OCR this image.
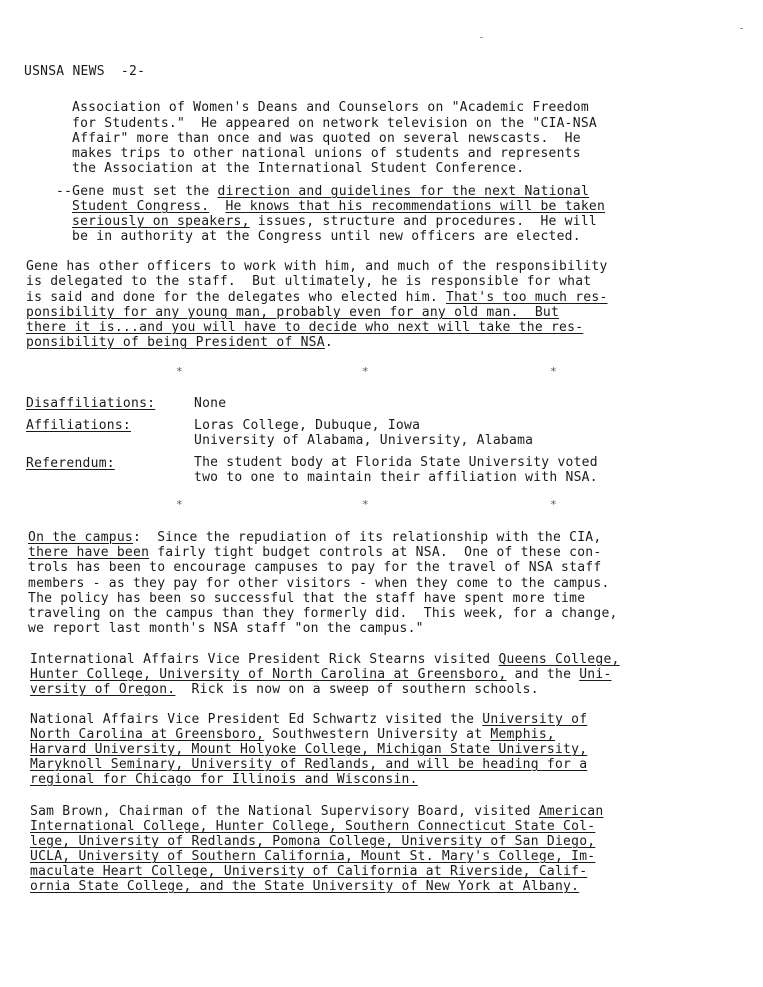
USNSA NEWS  -2-
Association of Women's Deans and Counselors on "Academic Freedom
for Students."  He appeared on network television on the "CIA-NSA
Affair" more than once and was quoted on several newscasts.  He
makes trips to other national unions of students and represents
the Association at the International Student Conference.
--Gene must set the direction and guidelines for the next National
Student Congress. He knows that his recommendations will be taken
seriously on speakers, issues, structure and procedures.  He will
be in authority at the Congress until new officers are elected.
Gene has other officers to work with him, and much of the responsibility
is delegated to the staff.  But ultimately, he is responsible for what
is said and done for the delegates who elected him. That's too much res-
ponsibility for any young man, probably even for any old man.  But
there it is...and you will have to decide who next will take the res-
ponsibility of being President of NSA.
*	*	*
Disaffiliations:	None
Affiliations:	Loras College, Dubuque, Iowa
University of Alabama, University, Alabama
Referendum:	The student body at Florida State University voted
two to one to maintain their affiliation with NSA.
*	*	*
On the campus:  Since the repudiation of its relationship with the CIA,
there have been fairly tight budget controls at NSA.  One of these con-
trols has been to encourage campuses to pay for the travel of NSA staff
members - as they pay for other visitors - when they come to the campus.
The policy has been so successful that the staff have spent more time
traveling on the campus than they formerly did.  This week, for a change,
we report last month's NSA staff "on the campus."
International Affairs Vice President Rick Stearns visited Queens College,
Hunter College, University of North Carolina at Greensboro, and the Uni-
versity of Oregon.  Rick is now on a sweep of southern schools.
National Affairs Vice President Ed Schwartz visited the University of
North Carolina at Greensboro, Southwestern University at Memphis,
Harvard University, Mount Holyoke College, Michigan State University,
Maryknoll Seminary, University of Redlands, and will be heading for a
regional for Chicago for Illinois and Wisconsin.
Sam Brown, Chairman of the National Supervisory Board, visited American
International College, Hunter College, Southern Connecticut State Col-
lege, University of Redlands, Pomona College, University of San Diego,
UCLA, University of Southern California, Mount St. Mary's College, Im-
maculate Heart College, University of California at Riverside, Calif-
ornia State College, and the State University of New York at Albany.
